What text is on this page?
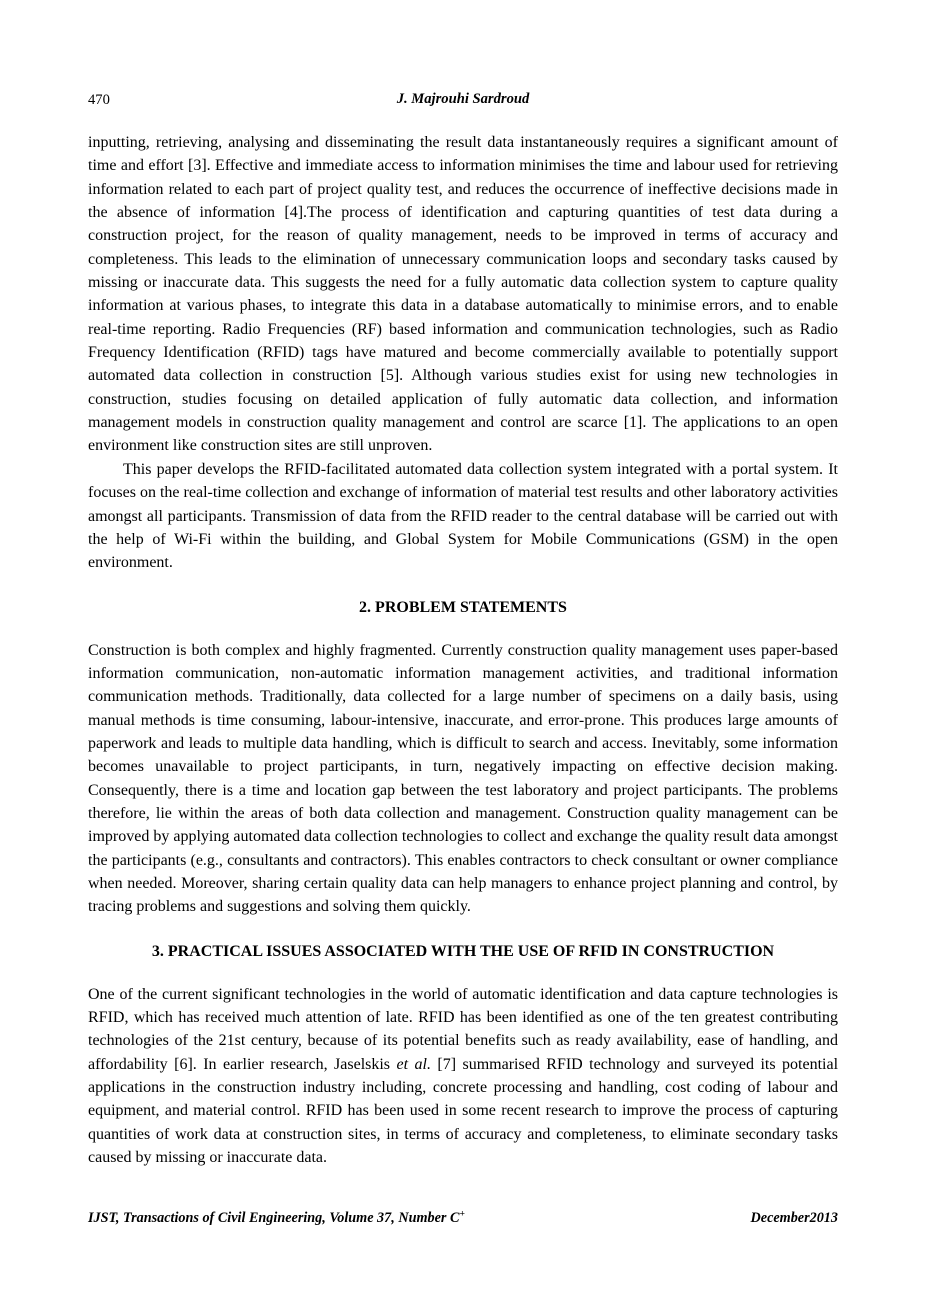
470	J. Majrouhi Sardroud

inputting, retrieving, analysing and disseminating the result data instantaneously requires a significant amount of time and effort [3]. Effective and immediate access to information minimises the time and labour used for retrieving information related to each part of project quality test, and reduces the occurrence of ineffective decisions made in the absence of information [4].The process of identification and capturing quantities of test data during a construction project, for the reason of quality management, needs to be improved in terms of accuracy and completeness. This leads to the elimination of unnecessary communication loops and secondary tasks caused by missing or inaccurate data. This suggests the need for a fully automatic data collection system to capture quality information at various phases, to integrate this data in a database automatically to minimise errors, and to enable real-time reporting. Radio Frequencies (RF) based information and communication technologies, such as Radio Frequency Identification (RFID) tags have matured and become commercially available to potentially support automated data collection in construction [5]. Although various studies exist for using new technologies in construction, studies focusing on detailed application of fully automatic data collection, and information management models in construction quality management and control are scarce [1]. The applications to an open environment like construction sites are still unproven.

This paper develops the RFID-facilitated automated data collection system integrated with a portal system. It focuses on the real-time collection and exchange of information of material test results and other laboratory activities amongst all participants. Transmission of data from the RFID reader to the central database will be carried out with the help of Wi-Fi within the building, and Global System for Mobile Communications (GSM) in the open environment.

2. PROBLEM STATEMENTS

Construction is both complex and highly fragmented. Currently construction quality management uses paper-based information communication, non-automatic information management activities, and traditional information communication methods. Traditionally, data collected for a large number of specimens on a daily basis, using manual methods is time consuming, labour-intensive, inaccurate, and error-prone. This produces large amounts of paperwork and leads to multiple data handling, which is difficult to search and access. Inevitably, some information becomes unavailable to project participants, in turn, negatively impacting on effective decision making. Consequently, there is a time and location gap between the test laboratory and project participants. The problems therefore, lie within the areas of both data collection and management. Construction quality management can be improved by applying automated data collection technologies to collect and exchange the quality result data amongst the participants (e.g., consultants and contractors). This enables contractors to check consultant or owner compliance when needed. Moreover, sharing certain quality data can help managers to enhance project planning and control, by tracing problems and suggestions and solving them quickly.

3. PRACTICAL ISSUES ASSOCIATED WITH THE USE OF RFID IN CONSTRUCTION

One of the current significant technologies in the world of automatic identification and data capture technologies is RFID, which has received much attention of late. RFID has been identified as one of the ten greatest contributing technologies of the 21st century, because of its potential benefits such as ready availability, ease of handling, and affordability [6]. In earlier research, Jaselskis et al. [7] summarised RFID technology and surveyed its potential applications in the construction industry including, concrete processing and handling, cost coding of labour and equipment, and material control. RFID has been used in some recent research to improve the process of capturing quantities of work data at construction sites, in terms of accuracy and completeness, to eliminate secondary tasks caused by missing or inaccurate data.

IJST, Transactions of Civil Engineering, Volume 37, Number C+	December2013
